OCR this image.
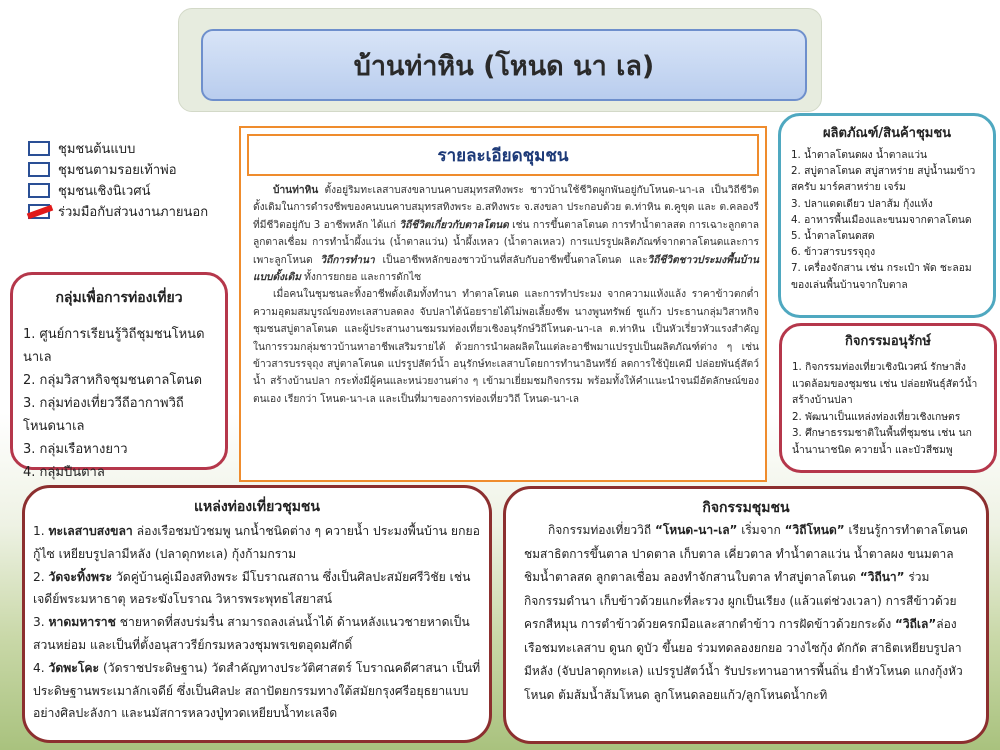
บ้านท่าหิน (โหนด นา เล)
ชุมชนต้นแบบ
ชุมชนตามรอยเท้าพ่อ
ชุมชนเชิงนิเวศน์
ร่วมมือกับส่วนงานภายนอก
กลุ่มเพื่อการท่องเที่ยว
1. ศูนย์การเรียนรู้วิถีชุมชนโหนดนาเล
2. กลุ่มวิสาหกิจชุมชนตาลโตนด
3. กลุ่มท่องเที่ยววีถีอากาพวิถีโหนดนาเล
3. กลุ่มเรือหางยาว
4. กลุ่มปืนตาล
รายละเอียดชุมชน

บ้านท่าหิน ตั้งอยู่ริมทะเลสาบสงขลาบนคาบสมุทรสทิงพระ ชาวบ้านใช้ชีวิตผูกพันอยู่กับโหนด-นา-เล เป็นวิถีชีวิตดั้งเดิมในการดำรงชีพของคนบนคาบสมุทรสทิงพระ อ.สทิงพระ จ.สงขลา ประกอบด้วย ต.ท่าหิน ต.คูขุด และ ต.คลองรี ที่มีชีวิตอยู่กับ 3 อาชีพหลัก ได้แก่ วิถีชีวิตเกี่ยวกับตาลโตนด เช่น การขึ้นตาลโตนด การทำน้ำตาลสด การเฉาะลูกตาล ลูกตาลเชื่อม การทำน้ำผึ้งแว่น (น้ำตาลแว่น) น้ำผึ้งเหลว (น้ำตาลเหลว) การแปรรูปผลิตภัณฑ์จากตาลโตนดและการเพาะลูกโหนด วิถีการทำนา เป็นอาชีพหลักของชาวบ้านที่สลับกับอาชีพขึ้นตาลโตนด และวิถีชีวิตชาวประมงพื้นบ้านแบบดั้งเดิม ทั้งการยกยอ และการดักไซ

เมื่อคนในชุมชนละทิ้งอาชีพดั้งเดิมทั้งทำนา ทำตาลโตนด และการทำประมง จากความแห้งแล้ง ราคาข้าวตกต่ำ ความอุดมสมบูรณ์ของทะเลสาบลดลง จับปลาได้น้อยรายได้ไม่พอเลี้ยงชีพ นางพูนทรัพย์ ชูแก้ว ประธานกลุ่มวิสาหกิจชุมชนสบู่ตาลโตนด และผู้ประสานงานชมรมท่องเที่ยวเชิงอนุรักษ์วิถีโหนด-นา-เล ต.ท่าหิน เป็นหัวเรี่ยวหัวแรงสำคัญในการรวมกลุ่มชาวบ้านหาอาชีพเสริมรายได้ ด้วยการนำผลผลิตในแต่ละอาชีพมาแปรรูปเป็นผลิตภัณฑ์ต่าง ๆ เช่น ข้าวสารบรรจุถุง สบู่ตาลโตนด แปรรูปสัตว์น้ำ อนุรักษ์ทะเลสาบโดยการทำนาอินทรีย์ ลดการใช้ปุ๋ยเคมี ปล่อยพันธุ์สัตว์น้ำ สร้างบ้านปลา กระทั่งมีผู้คนและหน่วยงานต่าง ๆ เข้ามาเยี่ยมชมกิจกรรม พร้อมทั้งให้คำแนะนำจนมีอัตลักษณ์ของตนเอง เรียกว่า โหนด-นา-เล และเป็นที่มาของการท่องเที่ยววิถี โหนด-นา-เล

ผลิตภัณฑ์/สินค้าชุมชน
1. น้ำตาลโตนดผง น้ำตาลแว่น
2. สบู่ตาลโตนด สบู่สาหร่าย สบู่น้ำนมข้าว สครับ มาร์คสาหร่าย เจร์ม
3. ปลาแดดเดียว ปลาส้ม กุ้งแห้ง
4. อาหารพื้นเมืองและขนมจากตาลโตนด
5. น้ำตาลโตนดสด
6. ข้าวสารบรรจุถุง
7. เครื่องจักสาน เช่น กระเป๋า พัด ชะลอมของเล่นพื้นบ้านจากใบตาล
กิจกรรมอนุรักษ์
1. กิจกรรมท่องเที่ยวเชิงนิเวศน์ รักษาสิ่งแวดล้อมของชุมชน เช่น ปล่อยพันธุ์สัตว์น้ำ สร้างบ้านปลา
2. พัฒนาเป็นแหล่งท่องเที่ยวเชิงเกษตร
3. ศึกษาธรรมชาติในพื้นที่ชุมชน เช่น นกน้ำนานาชนิด ควายน้ำ และบัวสีชมพู
แหล่งท่องเที่ยวชุมชน
1. ทะเลสาบสงขลา ล่องเรือชมบัวชมพู นกน้ำชนิดต่าง ๆ ควายน้ำ ประมงพื้นบ้าน ยกยอ กู้ไซ เหยียบรูปลามีหลัง (ปลาดุกทะเล) กุ้งก้ามกราม
2. วัดจะทิ้งพระ วัดคู่บ้านคู่เมืองสทิงพระ มีโบราณสถาน ซึ่งเป็นศิลปะสมัยศรีวิชัย เช่น เจดีย์พระมหาธาตุ หอระฆังโบราณ วิหารพระพุทธไสยาสน์
3. หาดมหาราช ชายหาดที่สงบร่มรื่น สามารถลงเล่นน้ำได้ ด้านหลังแนวชายหาดเป็นสวนหย่อม และเป็นที่ตั้งอนุสาวรีย์กรมหลวงชุมพรเขตอุดมศักดิ์
4. วัดพะโคะ (วัดราชประดิษฐาน) วัดสำคัญทางประวัติศาสตร์ โบราณคดีศาสนา เป็นที่ประดิษฐานพระเมาลักเจดีย์ ซึ่งเป็นศิลปะ สถาปัตยกรรมทางใต้สมัยกรุงศรีอยุธยาแบบอย่างศิลปะลังกา และนมัสการหลวงปู่ทวดเหยียบน้ำทะเลจืด
กิจกรรมชุมชน

กิจกรรมท่องเที่ยววิถี “โหนด-นา-เล” เริ่มจาก “วิถีโหนด” เรียนรู้การทำตาลโตนด ชมสาธิตการขึ้นตาล ปาดตาล เก็บตาล เคี่ยวตาล ทำน้ำตาลแว่น น้ำตาลผง ขนมตาล ชิมน้ำตาลสด ลูกตาลเชื่อม ลองทำจักสานใบตาล ทำสบู่ตาลโตนด “วิถีนา” ร่วมกิจกรรมดำนา เก็บข้าวด้วยแกะที่ละรวง ผูกเป็นเรียง (แล้วแต่ช่วงเวลา) การสีข้าวด้วยครกสีหมุน การตำข้าวด้วยครกมือและสากตำข้าว การฝัดข้าวด้วยกระด้ง “วิถีเล”ล่องเรือชมทะเลสาบ ดูนก ดูบัว ขึ้นยอ ร่วมทดลองยกยอ วางไซกุ้ง ดักกัด สาธิตเหยียบรูปลามีหลัง (จับปลาดุกทะเล) แปรรูปสัตว์น้ำ รับประทานอาหารพื้นถิ่น ยำหัวโหนด แกงกุ้งหัวโหนด ต้มส้มน้ำส้มโหนด ลูกโหนดลอยแก้ว/ลูกโหนดน้ำกะทิ
